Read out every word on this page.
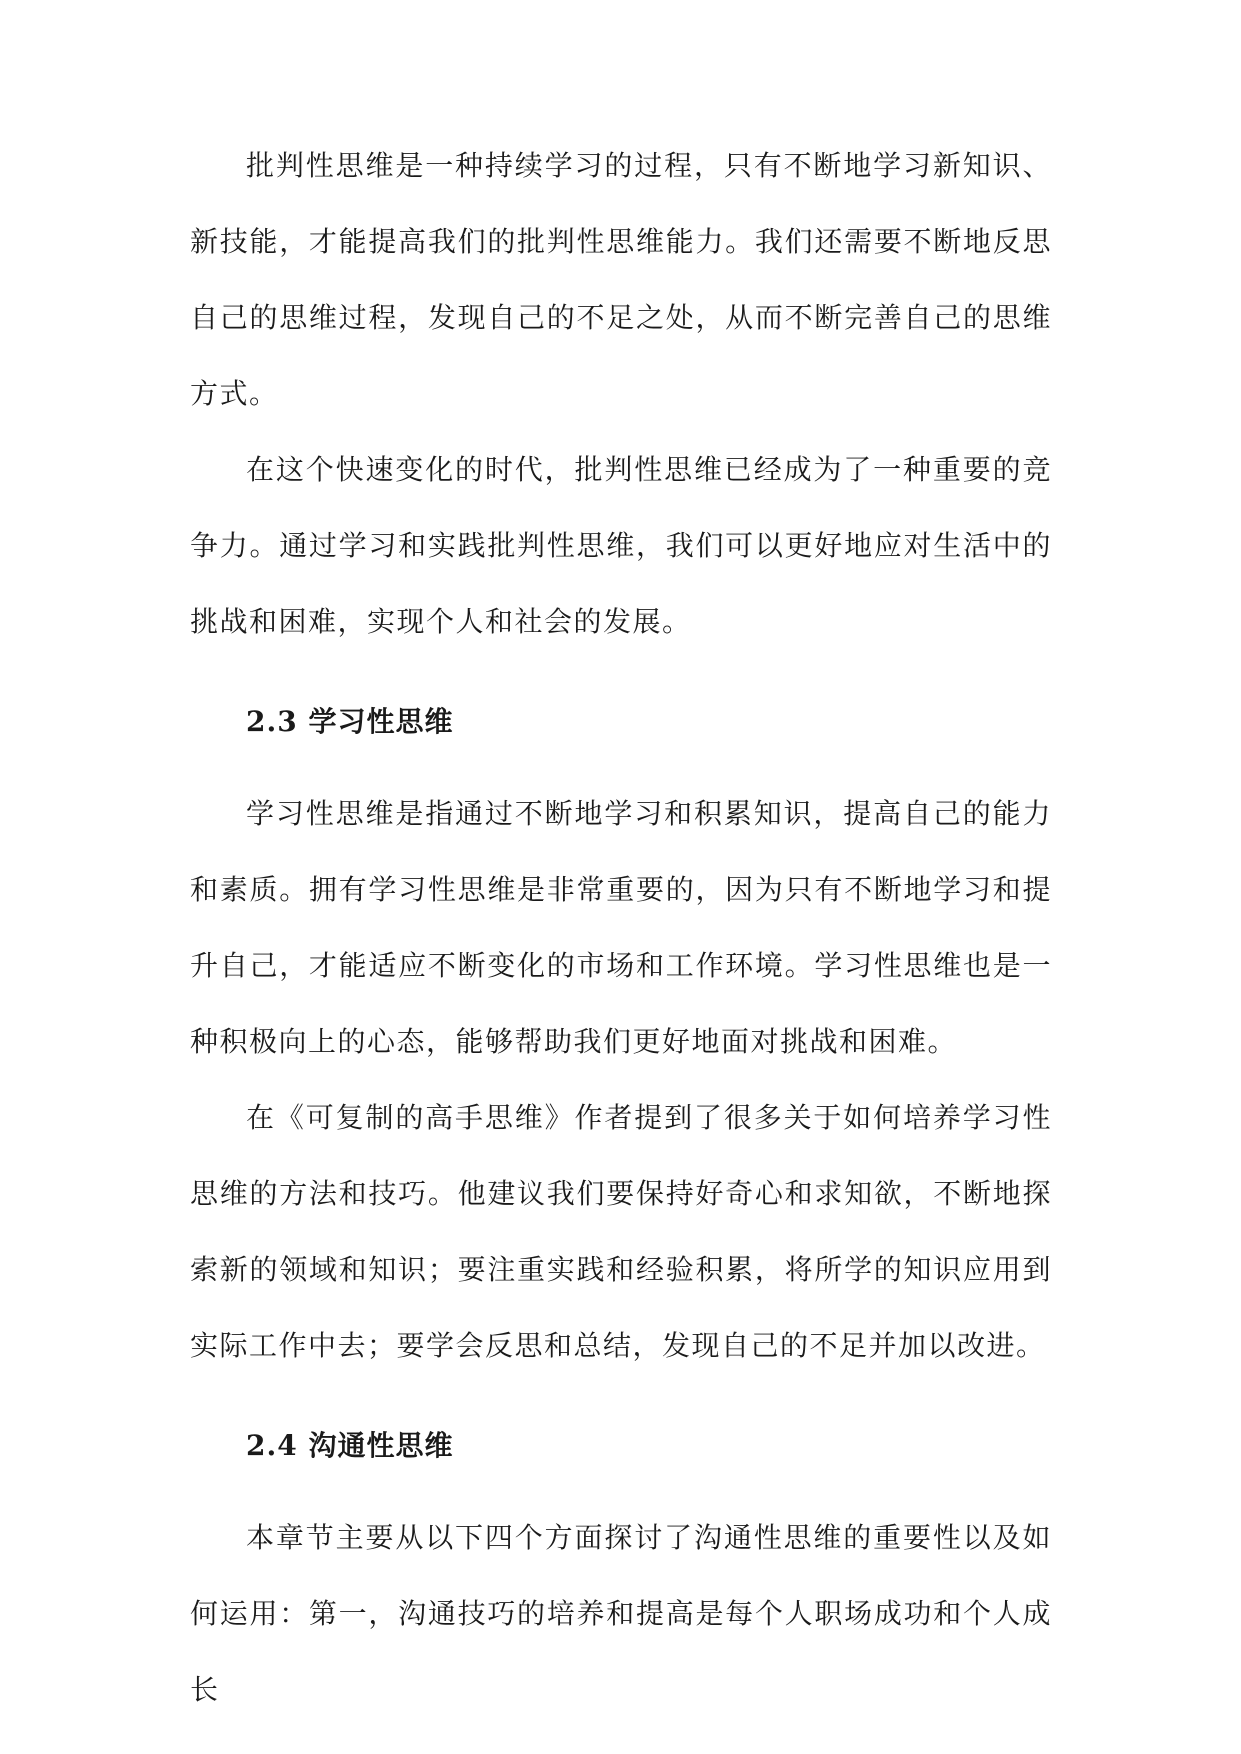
批判性思维是一种持续学习的过程，只有不断地学习新知识、新技能，才能提高我们的批判性思维能力。我们还需要不断地反思自己的思维过程，发现自己的不足之处，从而不断完善自己的思维方式。

在这个快速变化的时代，批判性思维已经成为了一种重要的竞争力。通过学习和实践批判性思维，我们可以更好地应对生活中的挑战和困难，实现个人和社会的发展。

2.3 学习性思维

学习性思维是指通过不断地学习和积累知识，提高自己的能力和素质。拥有学习性思维是非常重要的，因为只有不断地学习和提升自己，才能适应不断变化的市场和工作环境。学习性思维也是一种积极向上的心态，能够帮助我们更好地面对挑战和困难。

在《可复制的高手思维》作者提到了很多关于如何培养学习性思维的方法和技巧。他建议我们要保持好奇心和求知欲，不断地探索新的领域和知识；要注重实践和经验积累，将所学的知识应用到实际工作中去；要学会反思和总结，发现自己的不足并加以改进。

2.4 沟通性思维

本章节主要从以下四个方面探讨了沟通性思维的重要性以及如何运用：第一，沟通技巧的培养和提高是每个人职场成功和个人成长
